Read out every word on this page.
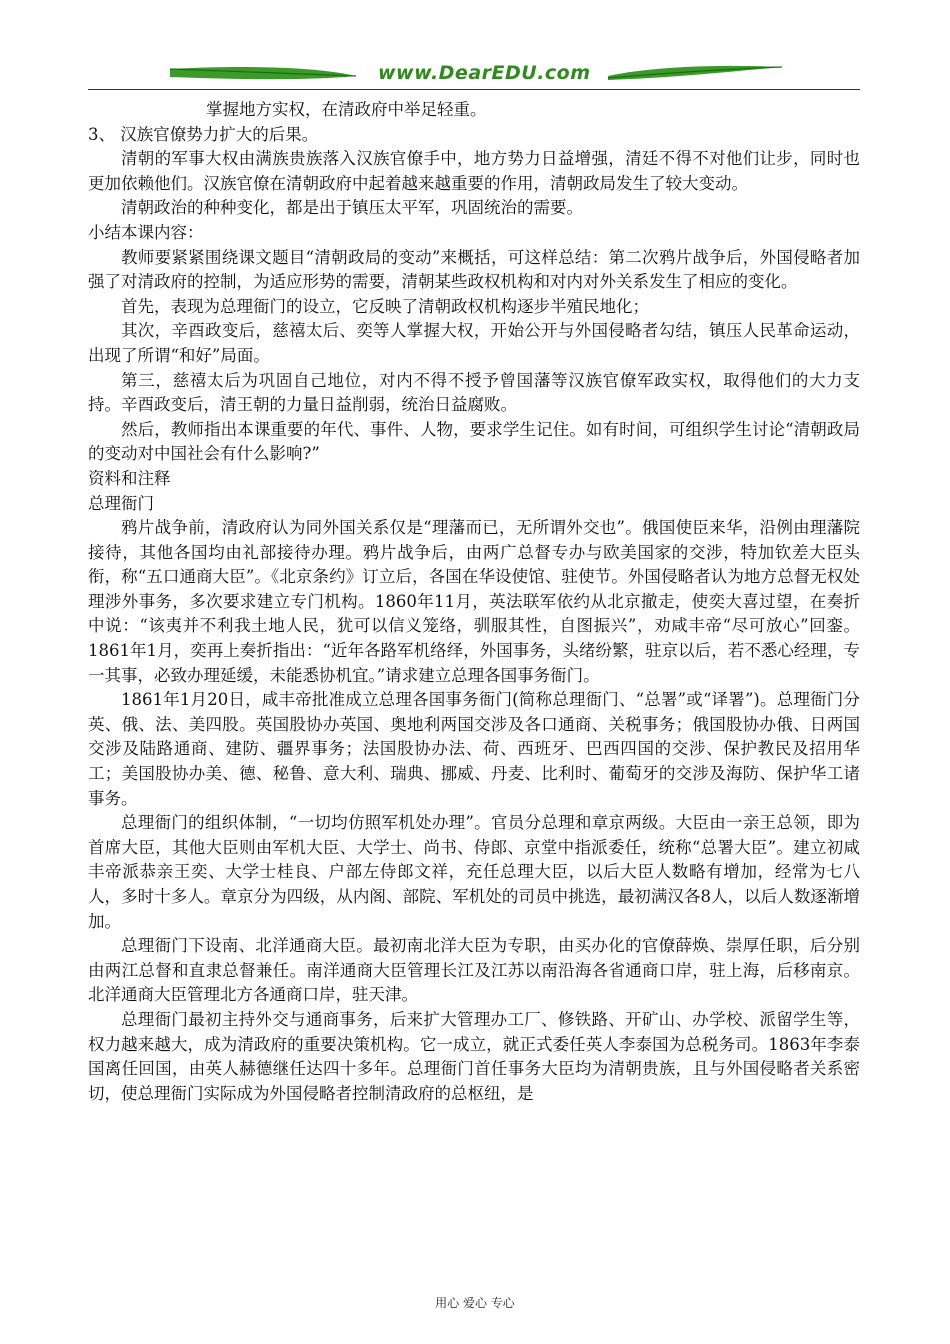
www.DearEDU.com

掌握地方实权，在清政府中举足轻重。

3、 汉族官僚势力扩大的后果。

清朝的军事大权由满族贵族落入汉族官僚手中，地方势力日益增强，清廷不得不对他们让步，同时也更加依赖他们。汉族官僚在清朝政府中起着越来越重要的作用，清朝政局发生了较大变动。

清朝政治的种种变化，都是出于镇压太平军，巩固统治的需要。

小结本课内容：

教师要紧紧围绕课文题目“清朝政局的变动”来概括，可这样总结：第二次鸦片战争后，外国侵略者加强了对清政府的控制，为适应形势的需要，清朝某些政权机构和对内对外关系发生了相应的变化。

首先，表现为总理衙门的设立，它反映了清朝政权机构逐步半殖民地化；

其次，辛酉政变后，慈禧太后、奕等人掌握大权，开始公开与外国侵略者勾结，镇压人民革命运动，出现了所谓“和好”局面。

第三，慈禧太后为巩固自己地位，对内不得不授予曾国藩等汉族官僚军政实权，取得他们的大力支持。辛酉政变后，清王朝的力量日益削弱，统治日益腐败。

然后，教师指出本课重要的年代、事件、人物，要求学生记住。如有时间，可组织学生讨论“清朝政局的变动对中国社会有什么影响?”

资料和注释

总理衙门

鸦片战争前，清政府认为同外国关系仅是“理藩而已，无所谓外交也”。俄国使臣来华，沿例由理藩院接待，其他各国均由礼部接待办理。鸦片战争后，由两广总督专办与欧美国家的交涉，特加钦差大臣头衔，称“五口通商大臣”。《北京条约》订立后，各国在华设使馆、驻使节。外国侵略者认为地方总督无权处理涉外事务，多次要求建立专门机构。1860年11月，英法联军依约从北京撤走，使奕大喜过望，在奏折中说：“该夷并不利我土地人民，犹可以信义笼络，驯服其性，自图振兴”，劝咸丰帝“尽可放心”回銮。1861年1月，奕再上奏折指出：“近年各路军机络绎，外国事务，头绪纷繁，驻京以后，若不悉心经理，专一其事，必致办理延缓，未能悉协机宜。”请求建立总理各国事务衙门。

1861年1月20日，咸丰帝批准成立总理各国事务衙门(简称总理衙门、“总署”或“译署”)。总理衙门分英、俄、法、美四股。英国股协办英国、奥地利两国交涉及各口通商、关税事务；俄国股协办俄、日两国交涉及陆路通商、建防、疆界事务；法国股协办法、荷、西班牙、巴西四国的交涉、保护教民及招用华工；美国股协办美、德、秘鲁、意大利、瑞典、挪威、丹麦、比利时、葡萄牙的交涉及海防、保护华工诸事务。

总理衙门的组织体制，“一切均仿照军机处办理”。官员分总理和章京两级。大臣由一亲王总领，即为首席大臣，其他大臣则由军机大臣、大学士、尚书、侍郎、京堂中指派委任，统称“总署大臣”。建立初咸丰帝派恭亲王奕、大学士桂良、户部左侍郎文祥，充任总理大臣，以后大臣人数略有增加，经常为七八人，多时十多人。章京分为四级，从内阁、部院、军机处的司员中挑选，最初满汉各8人，以后人数逐渐增加。

总理衙门下设南、北洋通商大臣。最初南北洋大臣为专职，由买办化的官僚薛焕、崇厚任职，后分别由两江总督和直隶总督兼任。南洋通商大臣管理长江及江苏以南沿海各省通商口岸，驻上海，后移南京。北洋通商大臣管理北方各通商口岸，驻天津。

总理衙门最初主持外交与通商事务，后来扩大管理办工厂、修铁路、开矿山、办学校、派留学生等，权力越来越大，成为清政府的重要决策机构。它一成立，就正式委任英人李泰国为总税务司。1863年李泰国离任回国，由英人赫德继任达四十多年。总理衙门首任事务大臣均为清朝贵族，且与外国侵略者关系密切，使总理衙门实际成为外国侵略者控制清政府的总枢纽，是

用心 爱心 专心
